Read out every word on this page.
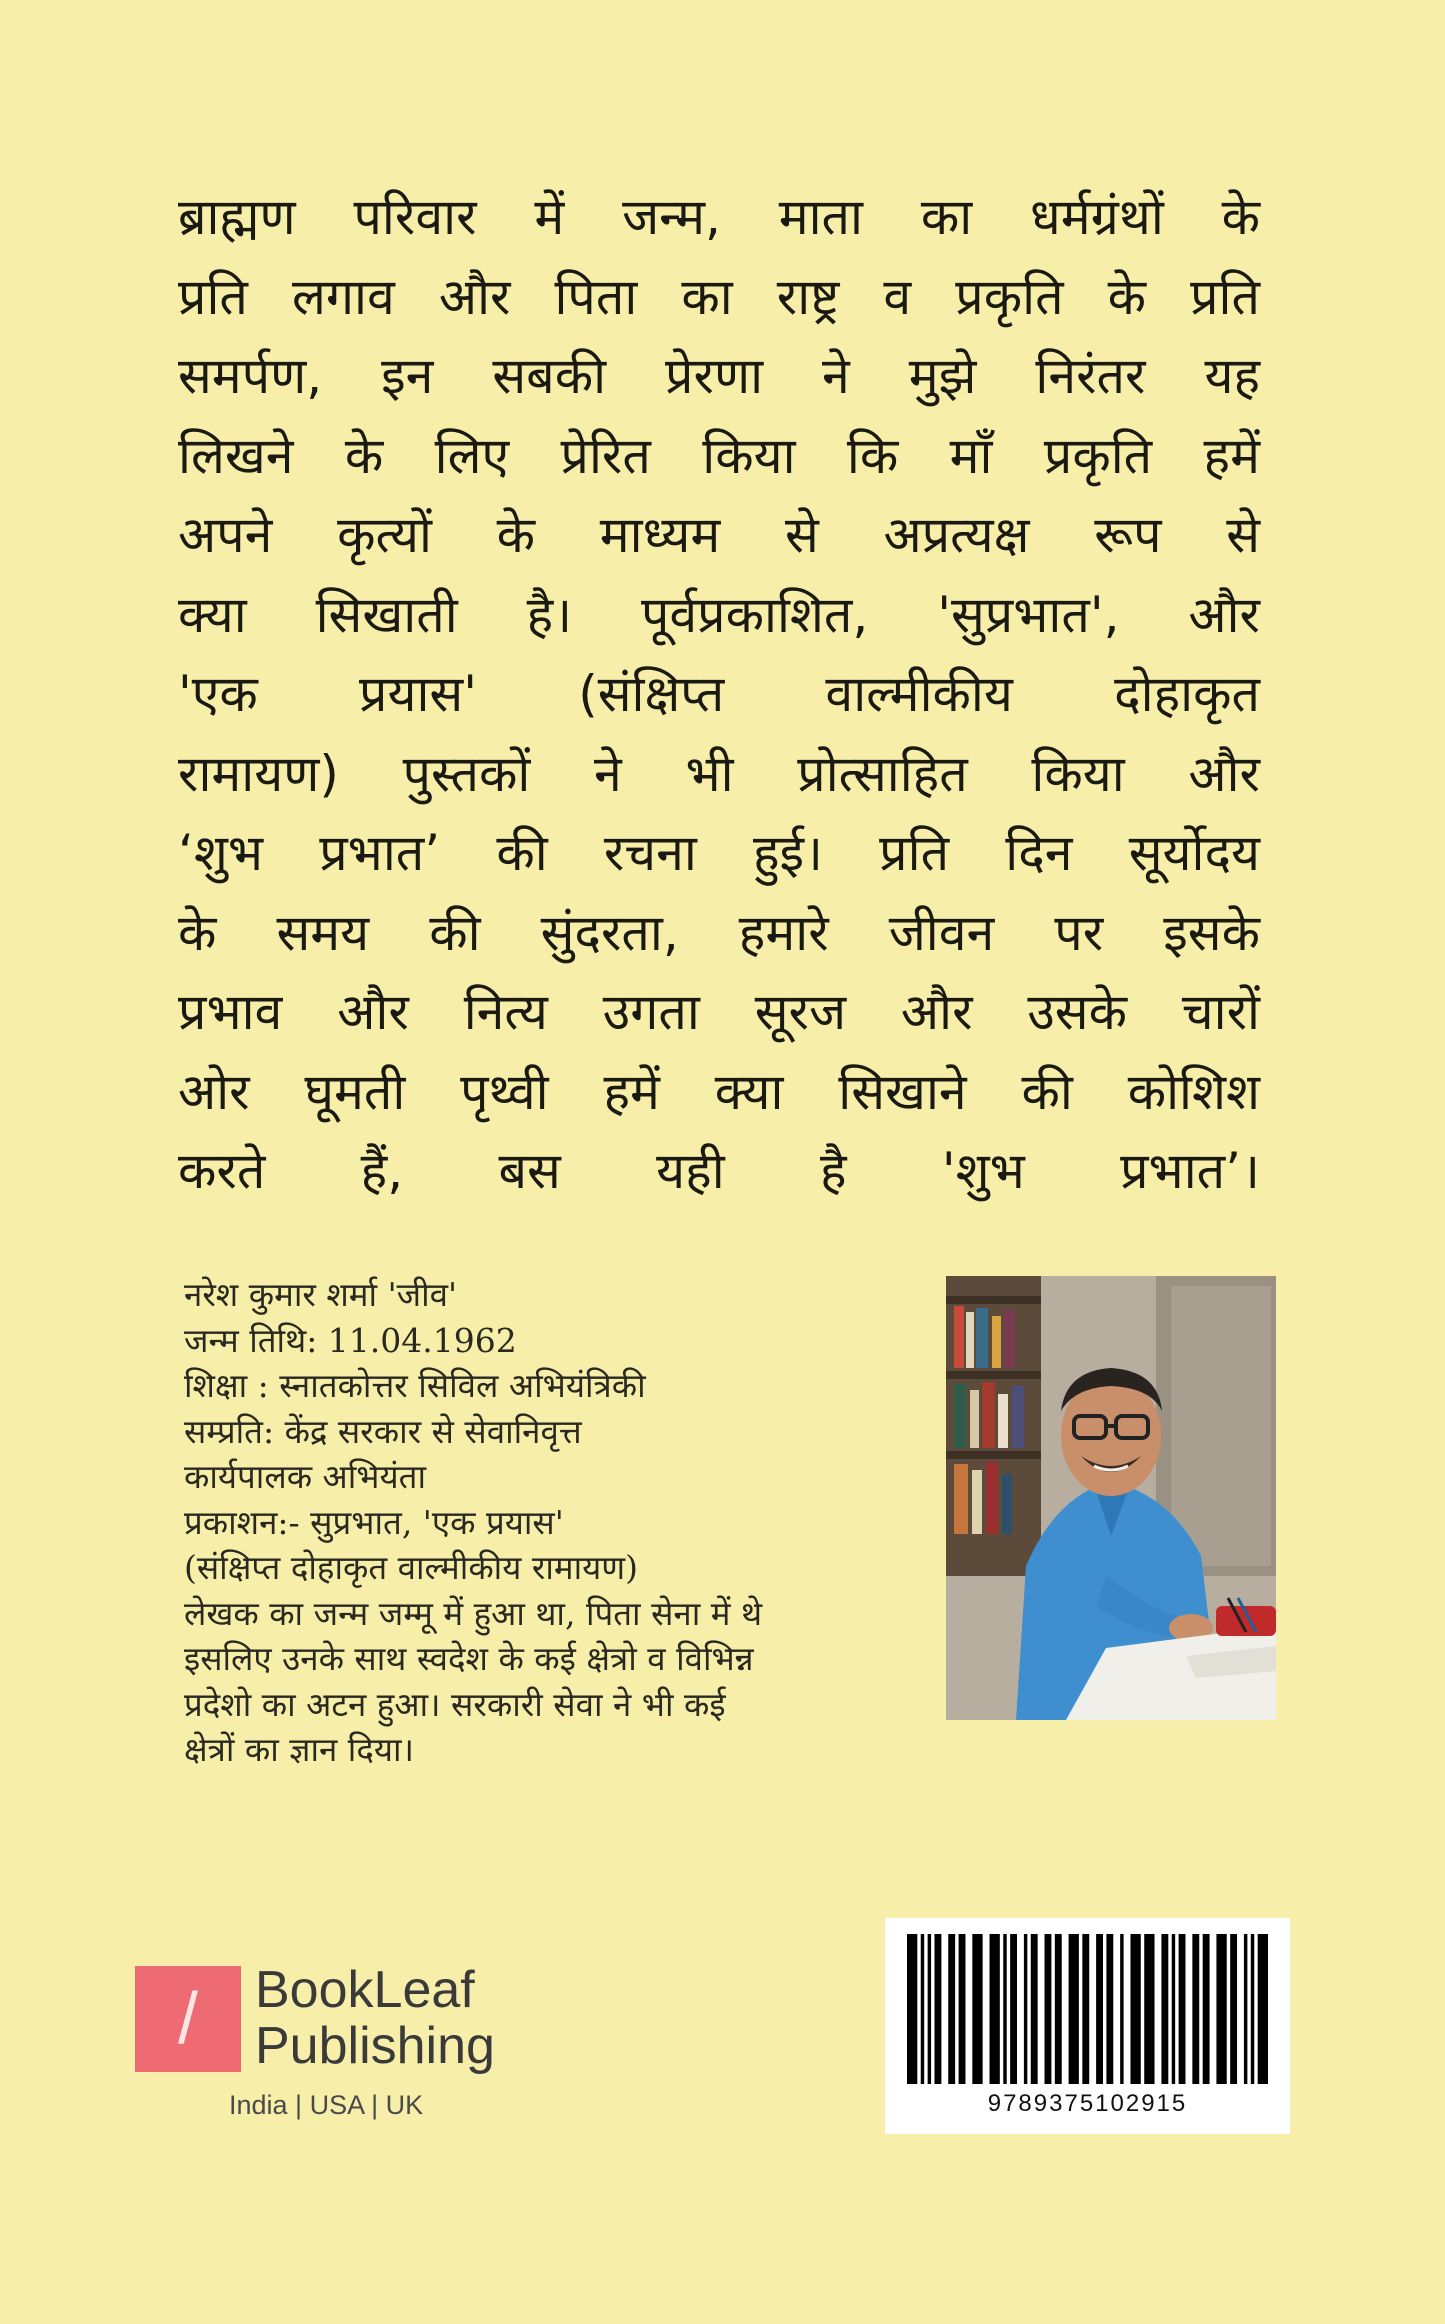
ब्राह्मण परिवार में जन्म, माता का धर्मग्रंथों के
प्रति लगाव और पिता का राष्ट्र व प्रकृति के प्रति
समर्पण, इन सबकी प्रेरणा ने मुझे निरंतर यह
लिखने के लिए प्रेरित किया कि माँ प्रकृति हमें
अपने कृत्यों के माध्यम से अप्रत्यक्ष रूप से
क्या सिखाती है। पूर्वप्रकाशित, 'सुप्रभात', और
'एक प्रयास' (संक्षिप्त वाल्मीकीय दोहाकृत
रामायण) पुस्तकों ने भी प्रोत्साहित किया और
‘शुभ प्रभात’ की रचना हुई। प्रति दिन सूर्योदय
के समय की सुंदरता, हमारे जीवन पर इसके
प्रभाव और नित्य उगता सूरज और उसके चारों
ओर घूमती पृथ्वी हमें क्या सिखाने की कोशिश
करते हैं, बस यही है 'शुभ प्रभात’।
नरेश कुमार शर्मा 'जीव'
जन्म तिथि: 11.04.1962
शिक्षा : स्नातकोत्तर सिविल अभियंत्रिकी
सम्प्रति: केंद्र सरकार से सेवानिवृत्त
कार्यपालक अभियंता
प्रकाशन:- सुप्रभात, 'एक प्रयास'
(संक्षिप्त दोहाकृत वाल्मीकीय रामायण)
लेखक का जन्म जम्मू में हुआ था, पिता सेना में थे
इसलिए उनके साथ स्वदेश के कई क्षेत्रो व विभिन्न
प्रदेशो का अटन हुआ। सरकारी सेवा ने भी कई
क्षेत्रों का ज्ञान दिया।
/	BookLeaf
Publishing
India | USA | UK	9789375102915
